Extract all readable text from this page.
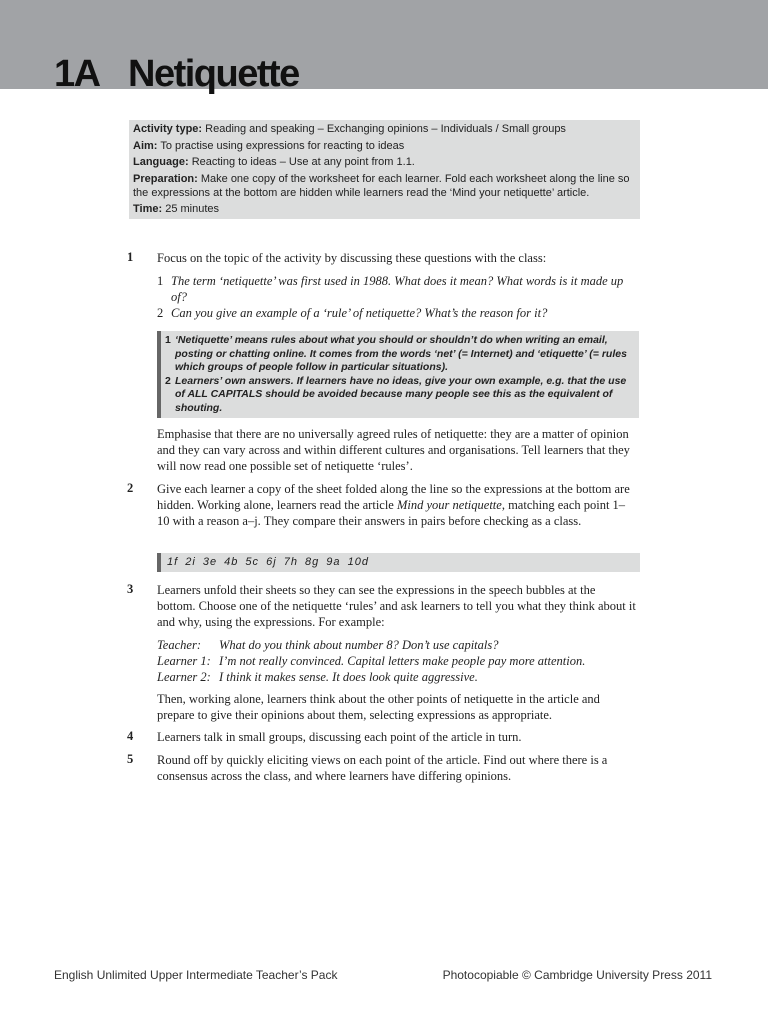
1A Netiquette

Activity type: Reading and speaking – Exchanging opinions – Individuals / Small groups

Aim: To practise using expressions for reacting to ideas

Language: Reacting to ideas – Use at any point from 1.1.

Preparation: Make one copy of the worksheet for each learner. Fold each worksheet along the line so the expressions at the bottom are hidden while learners read the ‘Mind your netiquette’ article.

Time: 25 minutes

1 Focus on the topic of the activity by discussing these questions with the class:
1 The term ‘netiquette’ was first used in 1988. What does it mean? What words is it made up of?
2 Can you give an example of a ‘rule’ of netiquette? What’s the reason for it?
1 ‘Netiquette’ means rules about what you should or shouldn’t do when writing an email, posting or chatting online. It comes from the words ‘net’ (= Internet) and ‘etiquette’ (= rules which groups of people follow in particular situations).
2 Learners’ own answers. If learners have no ideas, give your own example, e.g. that the use of ALL CAPITALS should be avoided because many people see this as the equivalent of shouting.
Emphasise that there are no universally agreed rules of netiquette: they are a matter of opinion and they can vary across and within different cultures and organisations. Tell learners that they will now read one possible set of netiquette ‘rules’.
2 Give each learner a copy of the sheet folded along the line so the expressions at the bottom are hidden. Working alone, learners read the article Mind your netiquette, matching each point 1–10 with a reason a–j. They compare their answers in pairs before checking as a class.
1f 2i 3e 4b 5c 6j 7h 8g 9a 10d
3 Learners unfold their sheets so they can see the expressions in the speech bubbles at the bottom. Choose one of the netiquette ‘rules’ and ask learners to tell you what they think about it and why, using the expressions. For example:
Teacher:	What do you think about number 8? Don’t use capitals?
Learner 1: I’m not really convinced. Capital letters make people pay more attention.
Learner 2: I think it makes sense. It does look quite aggressive.
Then, working alone, learners think about the other points of netiquette in the article and prepare to give their opinions about them, selecting expressions as appropriate.
4 Learners talk in small groups, discussing each point of the article in turn.
5 Round off by quickly eliciting views on each point of the article. Find out where there is a consensus across the class, and where learners have differing opinions.
English Unlimited Upper Intermediate Teacher’s Pack	Photocopiable © Cambridge University Press 2011
